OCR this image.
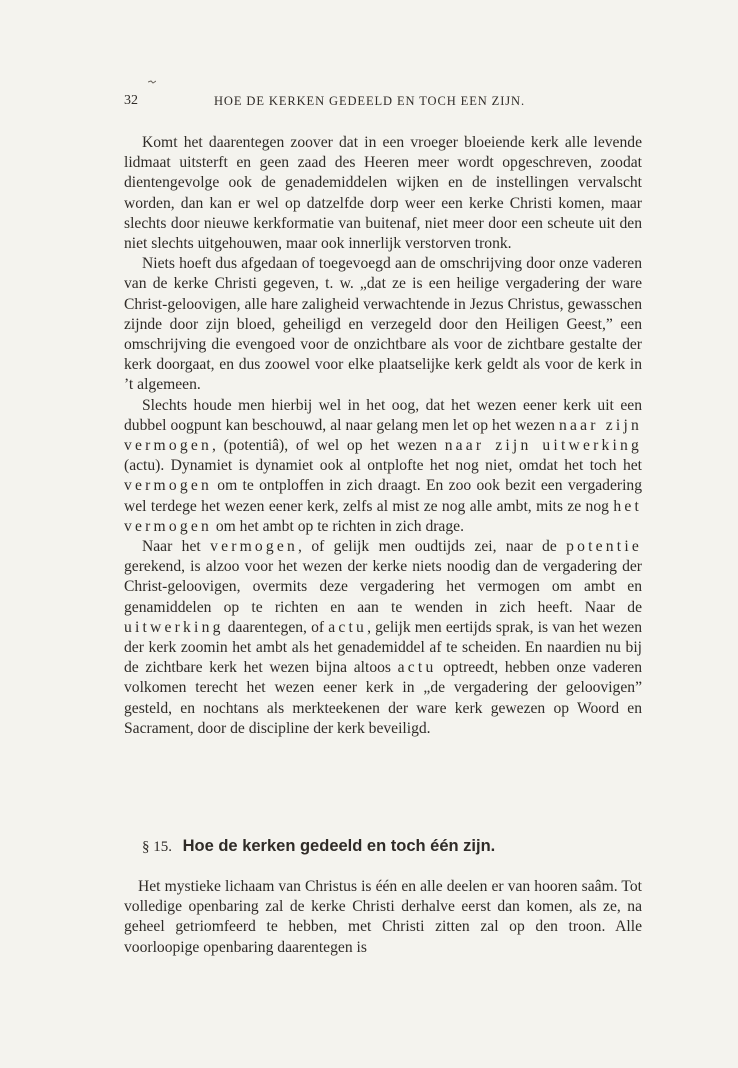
32	HOE DE KERKEN GEDEELD EN TOCH EEN ZIJN.

Komt het daarentegen zoover dat in een vroeger bloeiende kerk alle levende lidmaat uitsterft en geen zaad des Heeren meer wordt opgeschreven, zoodat dientengevolge ook de genademiddelen wijken en de instellingen vervalscht worden, dan kan er wel op datzelfde dorp weer een kerke Christi komen, maar slechts door nieuwe kerkformatie van buitenaf, niet meer door een scheute uit den niet slechts uitgehouwen, maar ook innerlijk verstorven tronk.

Niets hoeft dus afgedaan of toegevoegd aan de omschrijving door onze vaderen van de kerke Christi gegeven, t. w. „dat ze is een heilige vergadering der ware Christ-geloovigen, alle hare zaligheid verwachtende in Jezus Christus, gewasschen zijnde door zijn bloed, geheiligd en verzegeld door den Heiligen Geest,” een omschrijving die evengoed voor de onzichtbare als voor de zichtbare gestalte der kerk doorgaat, en dus zoowel voor elke plaatselijke kerk geldt als voor de kerk in ’t algemeen.

Slechts houde men hierbij wel in het oog, dat het wezen eener kerk uit een dubbel oogpunt kan beschouwd, al naar gelang men let op het wezen naar zijn vermogen, (potentiâ), of wel op het wezen naar zijn uitwerking (actu). Dynamiet is dynamiet ook al ontplofte het nog niet, omdat het toch het vermogen om te ontploffen in zich draagt. En zoo ook bezit een vergadering wel terdege het wezen eener kerk, zelfs al mist ze nog alle ambt, mits ze nog het vermogen om het ambt op te richten in zich drage.

Naar het vermogen, of gelijk men oudtijds zei, naar de potentie gerekend, is alzoo voor het wezen der kerke niets noodig dan de vergadering der Christ-geloovigen, overmits deze vergadering het vermogen om ambt en genamiddelen op te richten en aan te wenden in zich heeft. Naar de uitwerking daarentegen, of actu, gelijk men eertijds sprak, is van het wezen der kerk zoomin het ambt als het genademiddel af te scheiden. En naardien nu bij de zichtbare kerk het wezen bijna altoos actu optreedt, hebben onze vaderen volkomen terecht het wezen eener kerk in „de vergadering der geloovigen” gesteld, en nochtans als merkteekenen der ware kerk gewezen op Woord en Sacrament, door de discipline der kerk beveiligd.

§ 15. Hoe de kerken gedeeld en toch één zijn.

Het mystieke lichaam van Christus is één en alle deelen er van hooren saâm. Tot volledige openbaring zal de kerke Christi derhalve eerst dan komen, als ze, na geheel getriomfeerd te hebben, met Christi zitten zal op den troon. Alle voorloopige openbaring daarentegen is
